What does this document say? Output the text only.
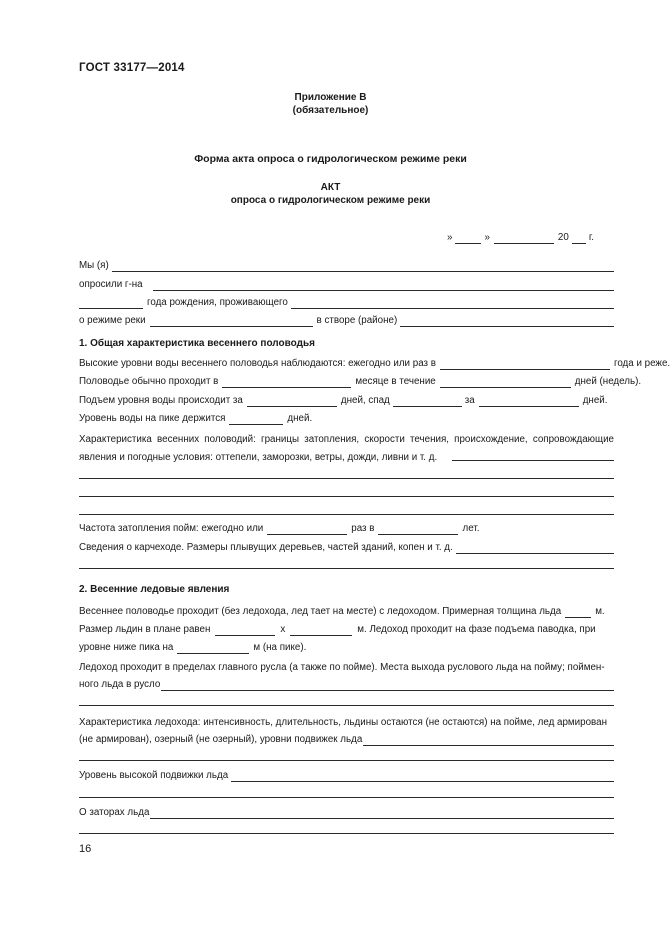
ГОСТ 33177—2014
Приложение В
(обязательное)
Форма акта опроса о гидрологическом режиме реки
АКТ
опроса о гидрологическом режиме реки
»	»	20 г.
Мы (я)
опросили г-на
года рождения, проживающего
о режиме реки	в створе (районе)
1. Общая характеристика весеннего половодья
Высокие уровни воды весеннего половодья наблюдаются: ежегодно или раз в	года и реже.
Половодье обычно проходит в	месяце в течение	дней (недель).
Подъем уровня воды происходит за	дней, спад	за	дней.
Уровень воды на пике держится	дней.
Характеристика весенних половодий: границы затопления, скорости течения, происхождение, сопровождающие явления и погодные условия: оттепели, заморозки, ветры, дожди, ливни и т. д.
Частота затопления пойм: ежегодно или	раз в	лет.
Сведения о карчеходе. Размеры плывущих деревьев, частей зданий, копен и т. д.
2. Весенние ледовые явления
Весеннее половодье проходит (без ледохода, лед тает на месте) с ледоходом. Примерная толщина льда	м.
Размер льдин в плане равен	х	м. Ледоход проходит на фазе подъема паводка, при
уровне ниже пика на	м (на пике).
Ледоход проходит в пределах главного русла (а также по пойме). Места выхода руслового льда на пойму; поймен-
ного льда в русло
Характеристика ледохода: интенсивность, длительность, льдины остаются (не остаются) на пойме, лед армирован
(не армирован), озерный (не озерный), уровни подвижек льда
Уровень высокой подвижки льда
О заторах льда
16
